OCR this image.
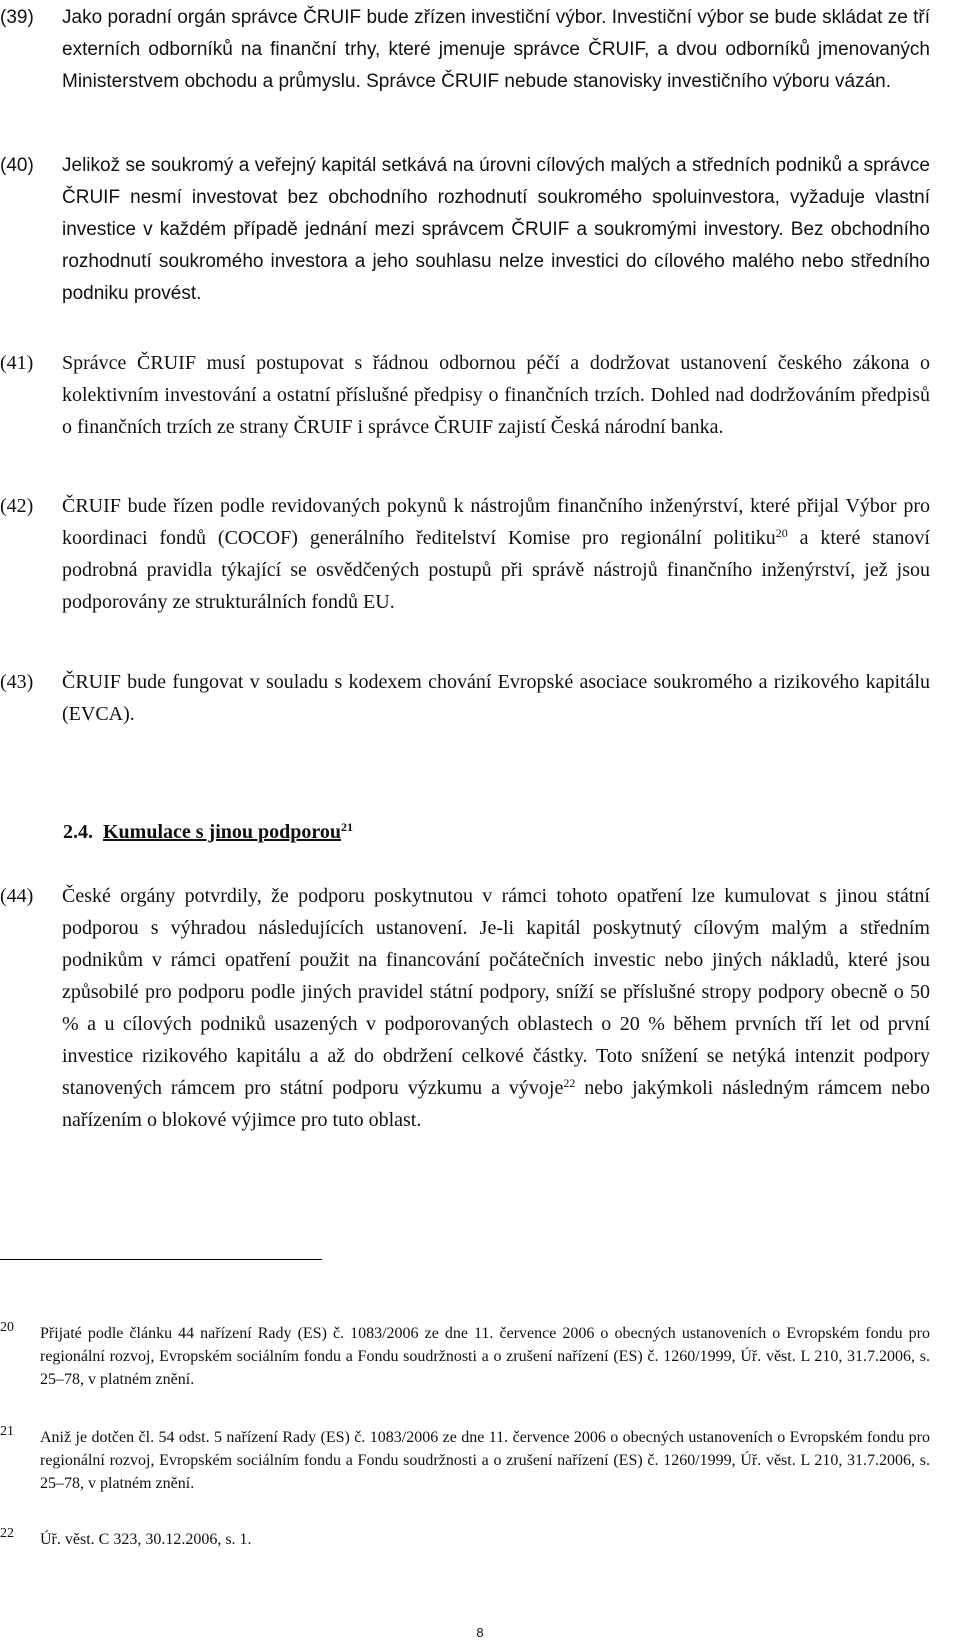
(39)	Jako poradní orgán správce ČRUIF bude zřízen investiční výbor. Investiční výbor se bude skládat ze tří externích odborníků na finanční trhy, které jmenuje správce ČRUIF, a dvou odborníků jmenovaných Ministerstvem obchodu a průmyslu. Správce ČRUIF nebude stanovisky investičního výboru vázán.
(40)	Jelikož se soukromý a veřejný kapitál setkává na úrovni cílových malých a středních podniků a správce ČRUIF nesmí investovat bez obchodního rozhodnutí soukromého spoluinvestora, vyžaduje vlastní investice v každém případě jednání mezi správcem ČRUIF a soukromými investory. Bez obchodního rozhodnutí soukromého investora a jeho souhlasu nelze investici do cílového malého nebo středního podniku provést.
(41)	Správce ČRUIF musí postupovat s řádnou odbornou péčí a dodržovat ustanovení českého zákona o kolektivním investování a ostatní příslušné předpisy o finančních trzích. Dohled nad dodržováním předpisů o finančních trzích ze strany ČRUIF i správce ČRUIF zajistí Česká národní banka.
(42)	ČRUIF bude řízen podle revidovaných pokynů k nástrojům finančního inženýrství, které přijal Výbor pro koordinaci fondů (COCOF) generálního ředitelství Komise pro regionální politiku$^{20}$ a které stanoví podrobná pravidla týkající se osvědčených postupů při správě nástrojů finančního inženýrství, jež jsou podporovány ze strukturálních fondů EU.
(43)	ČRUIF bude fungovat v souladu s kodexem chování Evropské asociace soukromého a rizikového kapitálu (EVCA).
2.4. Kumulace s jinou podporou$^{21}$
(44)	České orgány potvrdily, že podporu poskytnutou v rámci tohoto opatření lze kumulovat s jinou státní podporou s výhradou následujících ustanovení. Je-li kapitál poskytnutý cílovým malým a středním podnikům v rámci opatření použit na financování počátečních investic nebo jiných nákladů, které jsou způsobilé pro podporu podle jiných pravidel státní podpory, sníží se příslušné stropy podpory obecně o 50 % a u cílových podniků usazených v podporovaných oblastech o 20 % během prvních tří let od první investice rizikového kapitálu a až do obdržení celkové částky. Toto snížení se netýká intenzit podpory stanovených rámcem pro státní podporu výzkumu a vývoje$^{22}$ nebo jakýmkoli následným rámcem nebo nařízením o blokové výjimce pro tuto oblast.
20	Přijaté podle článku 44 nařízení Rady (ES) č. 1083/2006 ze dne 11. července 2006 o obecných ustanoveních o Evropském fondu pro regionální rozvoj, Evropském sociálním fondu a Fondu soudržnosti a o zrušení nařízení (ES) č. 1260/1999, Úř. věst. L 210, 31.7.2006, s. 25–78, v platném znění.
21	Aniž je dotčen čl. 54 odst. 5 nařízení Rady (ES) č. 1083/2006 ze dne 11. července 2006 o obecných ustanoveních o Evropském fondu pro regionální rozvoj, Evropském sociálním fondu a Fondu soudržnosti a o zrušení nařízení (ES) č. 1260/1999, Úř. věst. L 210, 31.7.2006, s. 25–78, v platném znění.
22	Úř. věst. C 323, 30.12.2006, s. 1.
8
